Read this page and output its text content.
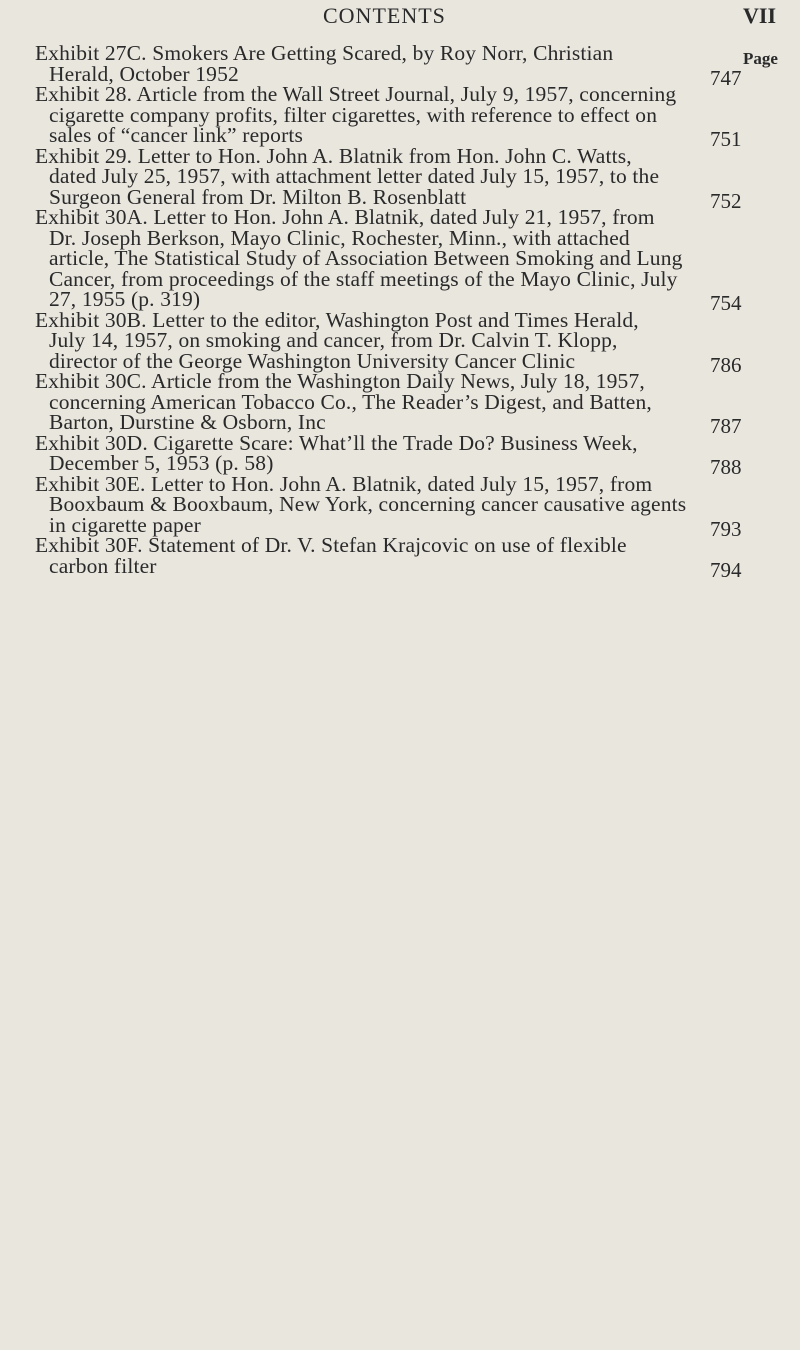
CONTENTS	VII
Page
Exhibit 27C. Smokers Are Getting Scared, by Roy Norr, Christian
Herald, October 1952
Exhibit 28. Article from the Wall Street Journal, July 9, 1957, concerning
cigarette company profits, filter cigarettes, with reference to effect on
sales of “cancer link” reports
Exhibit 29. Letter to Hon. John A. Blatnik from Hon. John C. Watts,
dated July 25, 1957, with attachment letter dated July 15, 1957, to the
Surgeon General from Dr. Milton B. Rosenblatt
Exhibit 30A. Letter to Hon. John A. Blatnik, dated July 21, 1957, from
Dr. Joseph Berkson, Mayo Clinic, Rochester, Minn., with attached
article, The Statistical Study of Association Between Smoking and Lung
Cancer, from proceedings of the staff meetings of the Mayo Clinic, July
27, 1955 (p. 319)
Exhibit 30B. Letter to the editor, Washington Post and Times Herald,
July 14, 1957, on smoking and cancer, from Dr. Calvin T. Klopp,
director of the George Washington University Cancer Clinic
Exhibit 30C. Article from the Washington Daily News, July 18, 1957,
concerning American Tobacco Co., The Reader’s Digest, and Batten,
Barton, Durstine & Osborn, Inc
Exhibit 30D. Cigarette Scare: What’ll the Trade Do? Business Week,
December 5, 1953 (p. 58)
Exhibit 30E. Letter to Hon. John A. Blatnik, dated July 15, 1957, from
Booxbaum & Booxbaum, New York, concerning cancer causative agents
in cigarette paper
Exhibit 30F. Statement of Dr. V. Stefan Krajcovic on use of flexible
carbon filter
747
751
752
754
786
787
788
793
794
